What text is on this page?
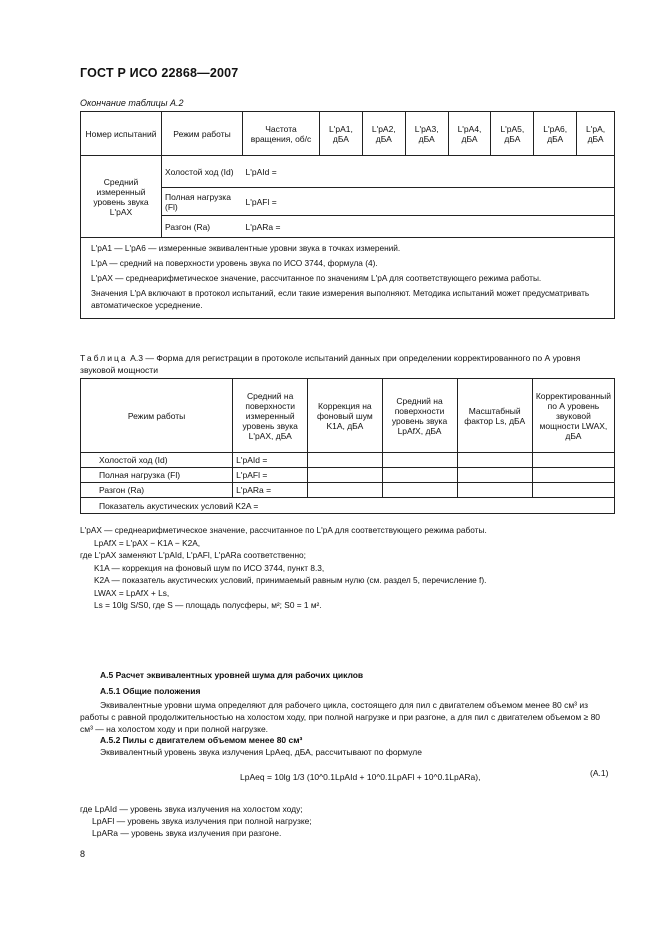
ГОСТ Р ИСО 22868—2007
Окончание таблицы А.2
Номер испытаний	Режим работы	Частота вращения, об/с	L'pA1, дБА	L'pA2, дБА	L'pA3, дБА	L'pA4, дБА	L'pA5, дБА	L'pA6, дБА	L'pA, дБА
Средний измеренный уровень звука L'pAX	Холостой ход (Id)	L'pAId =							
	Полная нагрузка (Fl)	L'pAFl =							
	Разгон (Ra)	L'pARa =							

L'pA1 — L'pA6 — измеренные эквивалентные уровни звука в точках измерений.

L'pA — средний на поверхности уровень звука по ИСО 3744, формула (4).

L'pAX — среднеарифметическое значение, рассчитанное по значениям L'pA для соответствующего режима работы.

Значения L'pA включают в протокол испытаний, если такие измерения выполняют. Методика испытаний может предусматривать автоматическое усреднение.									

Таблица А.3 — Форма для регистрации в протоколе испытаний данных при определении корректированного по А уровня звуковой мощности
Режим работы	Средний на поверхности измеренный уровень звука L'pAX, дБА	Коррекция на фоновый шум K1A, дБА	Средний на поверхности уровень звука LpAfX, дБА	Масштабный фактор Ls, дБА	Корректированный по А уровень звуковой мощности LWAX, дБА
Холостой ход (Id)	L'pAId =				
Полная нагрузка (Fl)	L'pAFl =				
Разгон (Ra)	L'pARa =				
Показатель акустических условий K2A =					
L'pAX — среднеарифметическое значение, рассчитанное по L'pA для соответствующего режима работы.
LpAfX = L'pAX − K1A − K2A,
где L'pAX заменяют L'pAId, L'pAFl, L'pARa соответственно;
K1A — коррекция на фоновый шум по ИСО 3744, пункт 8.3,
K2A — показатель акустических условий, принимаемый равным нулю (см. раздел 5, перечисление f).
LWAX = LpAfX + Ls,
Ls = 10lg S/S0, где S — площадь полусферы, м²; S0 = 1 м².
А.5 Расчет эквивалентных уровней шума для рабочих циклов
А.5.1 Общие положения
Эквивалентные уровни шума определяют для рабочего цикла, состоящего для пил с двигателем объемом менее 80 см³ из работы с равной продолжительностью на холостом ходу, при полной нагрузке и при разгоне, а для пил с двигателем объемом ≥ 80 см³ — на холостом ходу и при полной нагрузке.
А.5.2 Пилы с двигателем объемом менее 80 см³
Эквивалентный уровень звука излучения LpAeq, дБА, рассчитывают по формуле
LpAeq = 10lg 1/3 (10^0.1LpAId + 10^0.1LpAFl + 10^0.1LpARa),	(А.1)
где LpAId — уровень звука излучения на холостом ходу;
LpAFl — уровень звука излучения при полной нагрузке;
LpARa — уровень звука излучения при разгоне.
8
